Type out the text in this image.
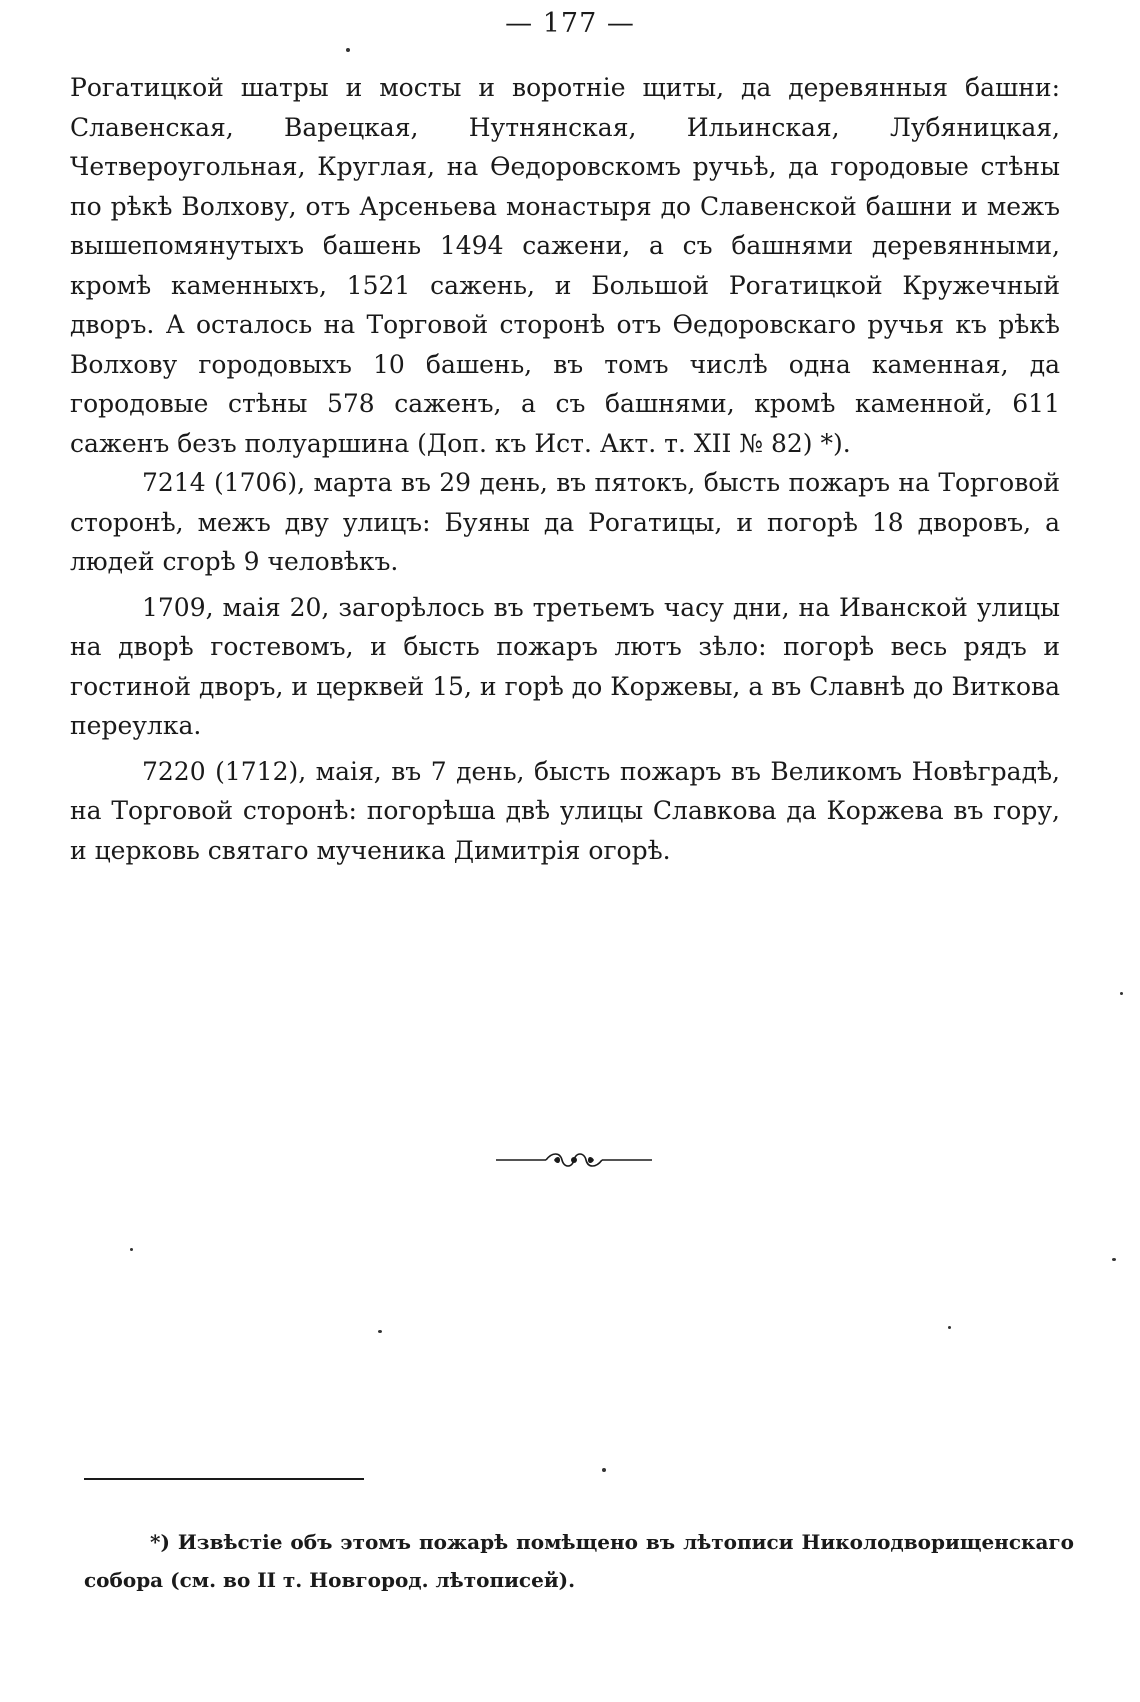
— 177 —

Рогатицкой шатры и мосты и воротніе щиты, да деревянныя башни: Славенская, Варецкая, Нутнянская, Ильинская, Лубяницкая, Четвероугольная, Круглая, на Ѳедоровскомъ ручьѣ, да городовые стѣны по рѣкѣ Волхову, отъ Арсеньева монастыря до Славенской башни и межъ вышепомянутыхъ башень 1494 сажени, а съ башнями деревянными, кромѣ каменныхъ, 1521 сажень, и Большой Рогатицкой Кружечный дворъ. А осталось на Торговой сторонѣ отъ Ѳедоровскаго ручья къ рѣкѣ Волхову городовыхъ 10 башень, въ томъ числѣ одна каменная, да городовые стѣны 578 саженъ, а съ башнями, кромѣ каменной, 611 саженъ безъ полуаршина (Доп. къ Ист. Акт. т. XII № 82) *).

7214 (1706), марта въ 29 день, въ пятокъ, бысть пожаръ на Торговой сторонѣ, межъ дву улицъ: Буяны да Рогатицы, и погорѣ 18 дворовъ, а людей сгорѣ 9 человѣкъ.

1709, маія 20, загорѣлось въ третьемъ часу дни, на Иванской улицы на дворѣ гостевомъ, и бысть пожаръ лютъ зѣло: погорѣ весь рядъ и гостиной дворъ, и церквей 15, и горѣ до Коржевы, а въ Славнѣ до Виткова переулка.

7220 (1712), маія, въ 7 день, бысть пожаръ въ Великомъ Новѣградѣ, на Торговой сторонѣ: погорѣша двѣ улицы Славкова да Коржева въ гору, и церковь святаго мученика Димитрія огорѣ.

*) Извѣстіе объ этомъ пожарѣ помѣщено въ лѣтописи Николодворищенскаго собора (см. во II т. Новгород. лѣтописей).
